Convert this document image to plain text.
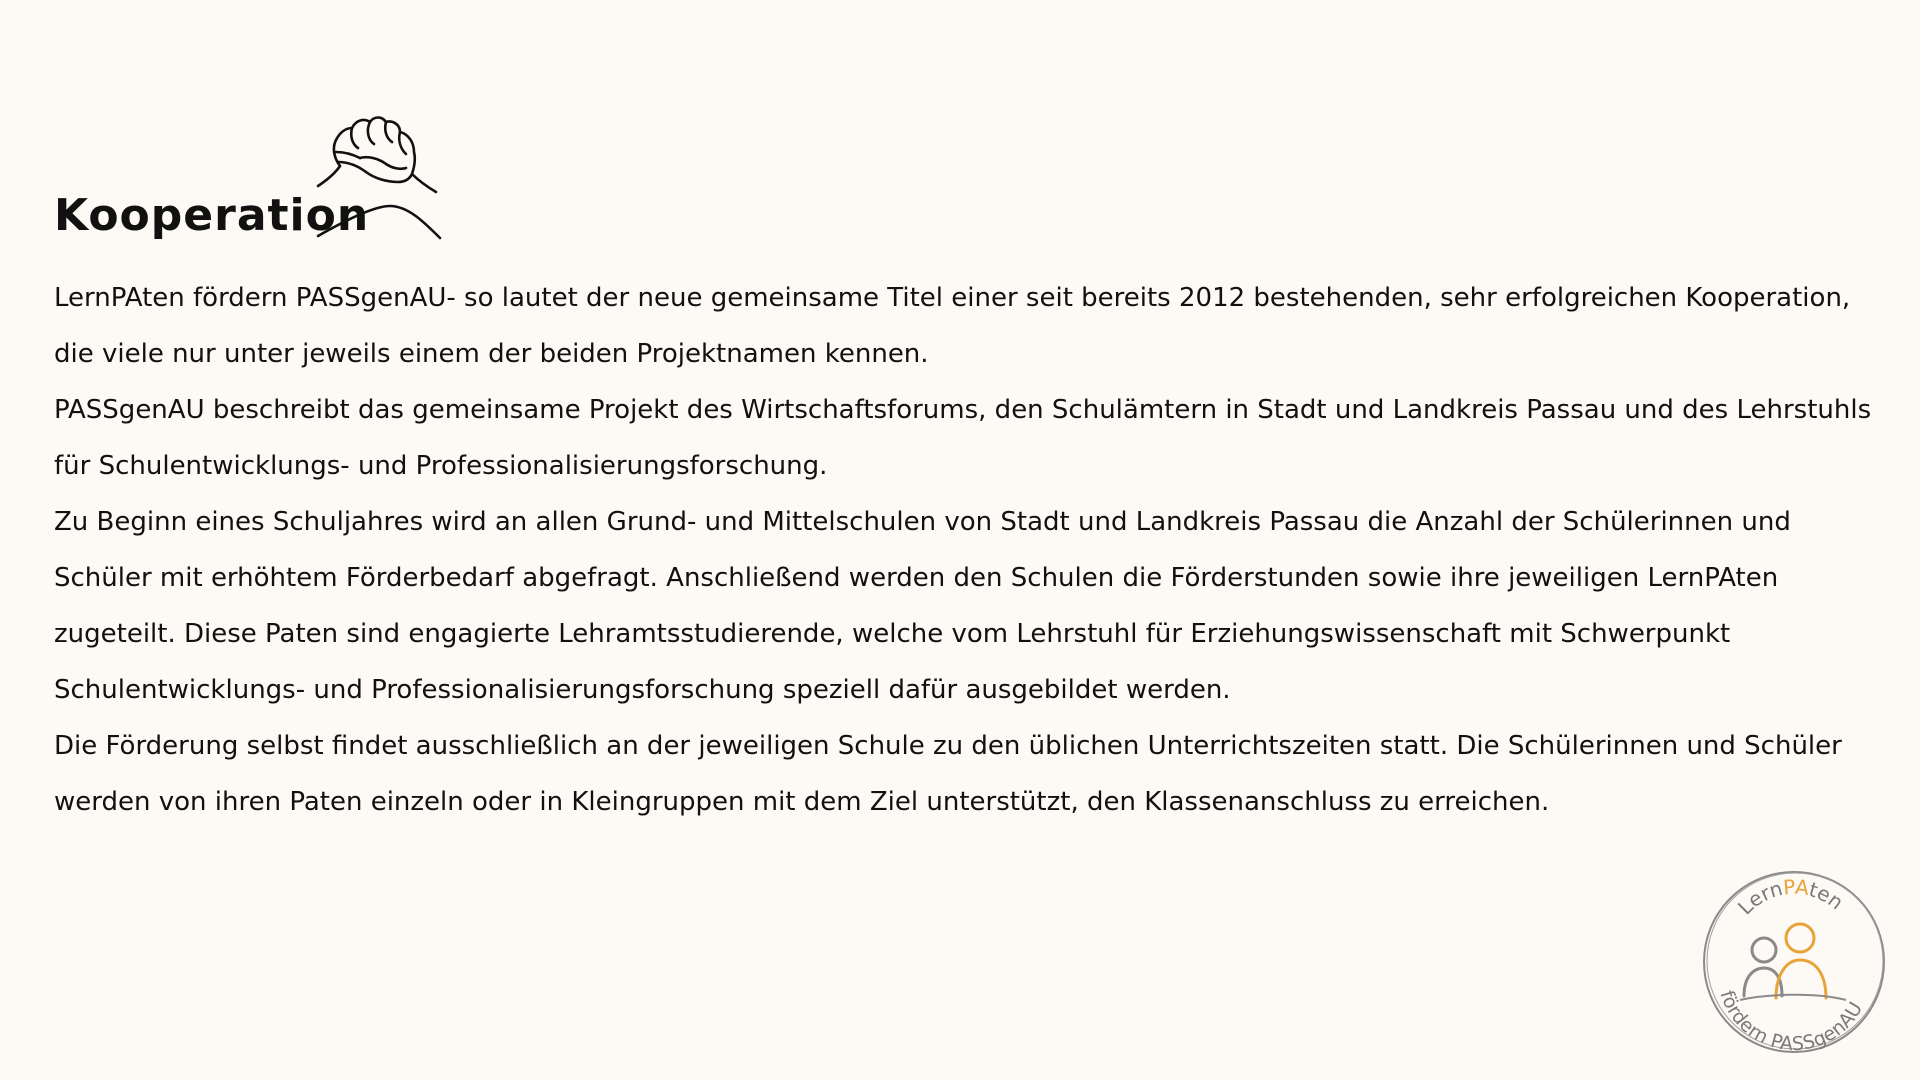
Kooperation

LernPAten fördern PASSgenAU- so lautet der neue gemeinsame Titel einer seit bereits 2012 bestehenden, sehr erfolgreichen Kooperation, die viele nur unter jeweils einem der beiden Projektnamen kennen.

PASSgenAU beschreibt das gemeinsame Projekt des Wirtschaftsforums, den Schulämtern in Stadt und Landkreis Passau und des Lehrstuhls für Schulentwicklungs- und Professionalisierungsforschung.

Zu Beginn eines Schuljahres wird an allen Grund- und Mittelschulen von Stadt und Landkreis Passau die Anzahl der Schülerinnen und Schüler mit erhöhtem Förderbedarf abgefragt. Anschließend werden den Schulen die Förderstunden sowie ihre jeweiligen LernPAten zugeteilt. Diese Paten sind engagierte Lehramtsstudierende, welche vom Lehrstuhl für Erziehungswissenschaft mit Schwerpunkt Schulentwicklungs- und Professionalisierungsforschung speziell dafür ausgebildet werden.

Die Förderung selbst findet ausschließlich an der jeweiligen Schule zu den üblichen Unterrichtszeiten statt. Die Schülerinnen und Schüler werden von ihren Paten einzeln oder in Kleingruppen mit dem Ziel unterstützt, den Klassenanschluss zu erreichen.

LernPAten
fördern PASSgenAU
